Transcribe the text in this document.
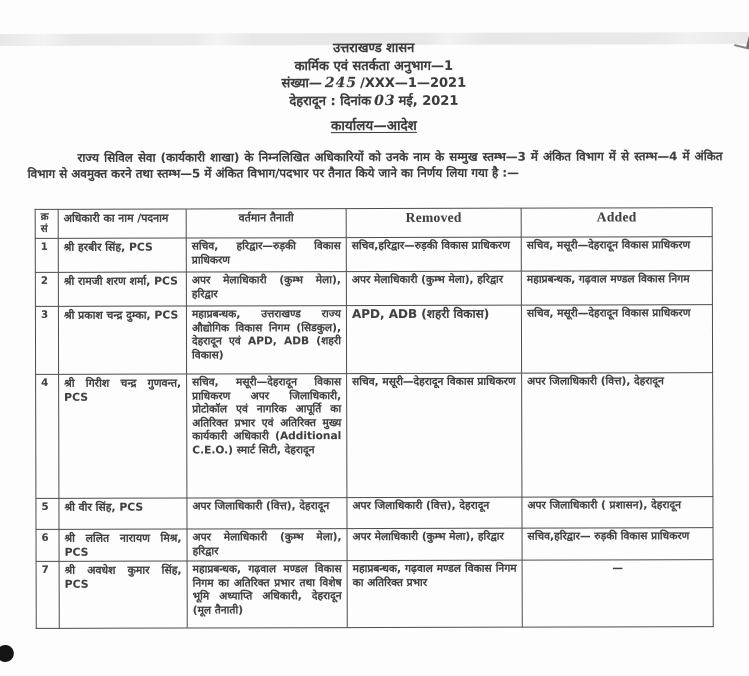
उत्तराखण्ड शासन
कार्मिक एवं सतर्कता अनुभाग—1
संख्या— 245 /XXX—1—2021
देहरादून : दिनांक 03 मई, 2021
कार्यालय—आदेश

राज्य सिविल सेवा (कार्यकारी शाखा) के निम्नलिखित अधिकारियों को उनके नाम के सम्मुख स्तम्भ—3 में अंकित विभाग में से स्तम्भ—4 में अंकित विभाग से अवमुक्त करने तथा स्तम्भ—5 में अंकित विभाग/पदभार पर तैनात किये जाने का निर्णय लिया गया है :—

क्र
सं	अधिकारी का नाम /पदनाम	वर्तमान तैनाती	Removed	Added
1	श्री हरबीर सिंह, PCS	सचिव, हरिद्वार—रुड़की विकास प्राधिकरण	सचिव,हरिद्वार—रुड़की विकास प्राधिकरण	सचिव, मसूरी—देहरादून विकास प्राधिकरण
2	श्री रामजी शरण शर्मा, PCS	अपर मेलाधिकारी (कुम्भ मेला), हरिद्वार	अपर मेलाधिकारी (कुम्भ मेला), हरिद्वार	महाप्रबन्धक, गढ़वाल मण्डल विकास निगम
3	श्री प्रकाश चन्द्र दुम्का, PCS	महाप्रबन्धक, उत्तराखण्ड राज्य औद्योगिक विकास निगम (सिडकुल), देहरादून एवं APD, ADB (शहरी विकास)	APD, ADB (शहरी विकास)	सचिव, मसूरी—देहरादून विकास प्राधिकरण
4	श्री गिरीश चन्द्र गुणवन्त, PCS	सचिव, मसूरी—देहरादून विकास प्राधिकरण अपर जिलाधिकारी, प्रोटोकॉल एवं नागरिक आपूर्ति का अतिरिक्त प्रभार एवं अतिरिक्त मुख्य कार्यकारी अधिकारी (Additional C.E.O.) स्मार्ट सिटी, देहरादून	सचिव, मसूरी—देहरादून विकास प्राधिकरण	अपर जिलाधिकारी (वित्त), देहरादून
5	श्री वीर सिंह, PCS	अपर जिलाधिकारी (वित्त), देहरादून	अपर जिलाधिकारी (वित्त), देहरादून	अपर जिलाधिकारी ( प्रशासन), देहरादून
6	श्री ललित नारायण मिश्र, PCS	अपर मेलाधिकारी (कुम्भ मेला), हरिद्वार	अपर मेलाधिकारी (कुम्भ मेला), हरिद्वार	सचिव,हरिद्वार— रुड़की विकास प्राधिकरण
7	श्री अवधेश कुमार सिंह, PCS	महाप्रबन्धक, गढ़वाल मण्डल विकास निगम का अतिरिक्त प्रभार तथा विशेष भूमि अध्याप्ति अधिकारी, देहरादून (मूल तैनाती)	महाप्रबन्धक, गढ़वाल मण्डल विकास निगम का अतिरिक्त प्रभार	—
